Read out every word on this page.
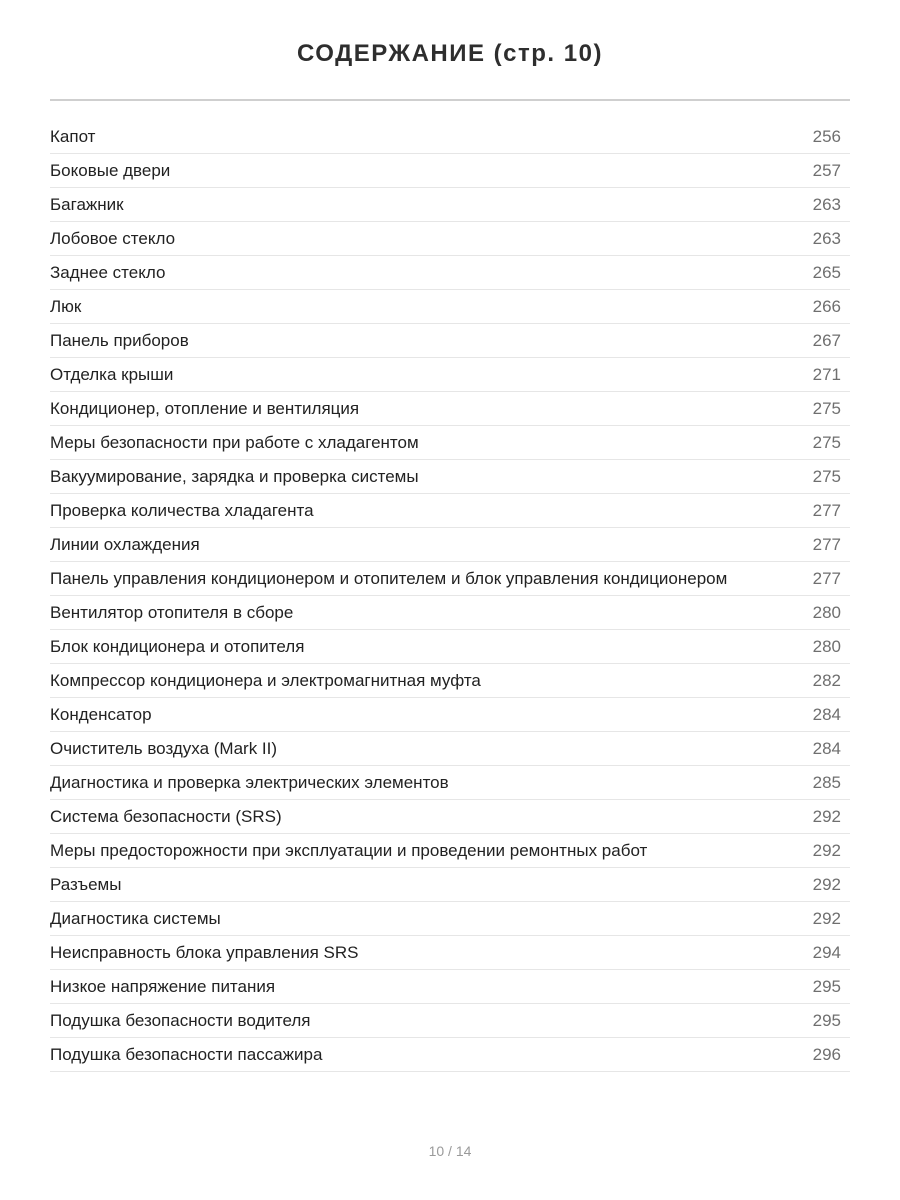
СОДЕРЖАНИЕ (стр. 10)
Капот	256
Боковые двери	257
Багажник	263
Лобовое стекло	263
Заднее стекло	265
Люк	266
Панель приборов	267
Отделка крыши	271
Кондиционер, отопление и вентиляция	275
Меры безопасности при работе с хладагентом	275
Вакуумирование, зарядка и проверка системы	275
Проверка количества хладагента	277
Линии охлаждения	277
Панель управления кондиционером и отопителем и блок управления кондиционером	277
Вентилятор отопителя в сборе	280
Блок кондиционера и отопителя	280
Компрессор кондиционера и электромагнитная муфта	282
Конденсатор	284
Очиститель воздуха (Mark II)	284
Диагностика и проверка электрических элементов	285
Система безопасности (SRS)	292
Меры предосторожности при эксплуатации и проведении ремонтных работ	292
Разъемы	292
Диагностика системы	292
Неисправность блока управления SRS	294
Низкое напряжение питания	295
Подушка безопасности водителя	295
Подушка безопасности пассажира	296
10 / 14
